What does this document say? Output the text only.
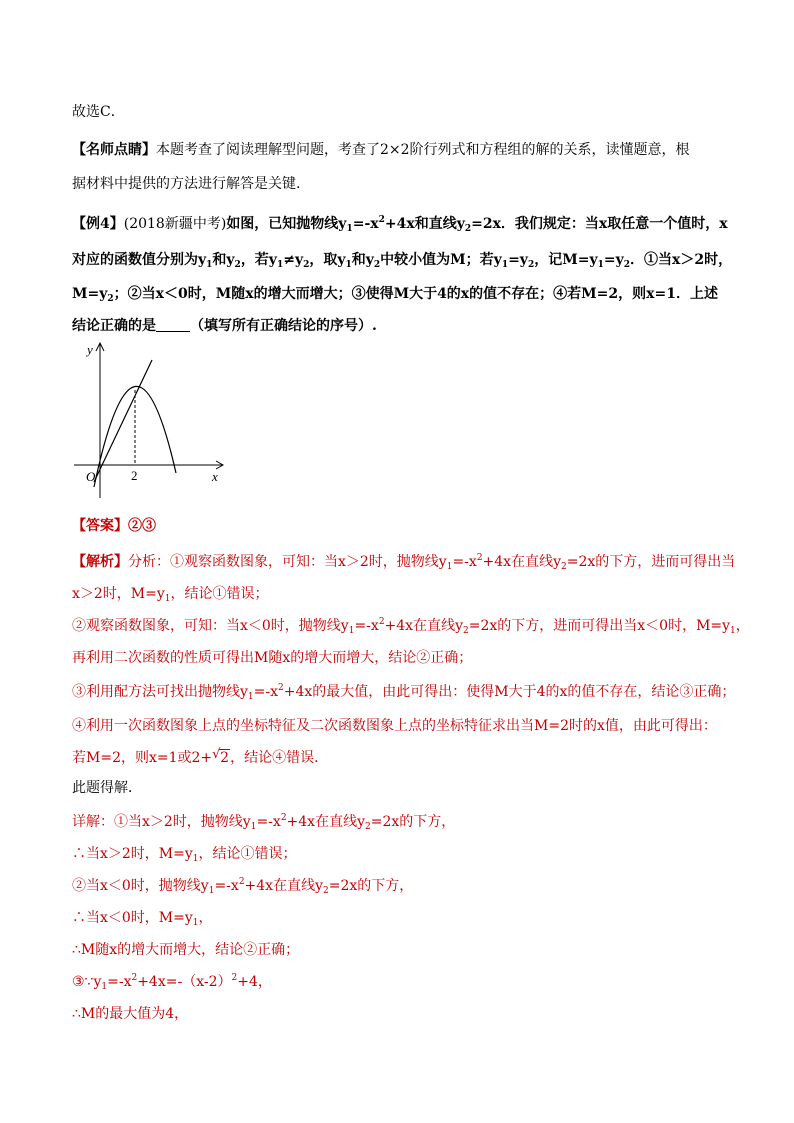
故选C．
【名师点睛】本题考查了阅读理解型问题，考查了2×2阶行列式和方程组的解的关系，读懂题意，根
据材料中提供的方法进行解答是关键.
【例4】(2018新疆中考)如图，已知抛物线$y_1=-x^2+4x$和直线$y_2=2x$．我们规定：当x取任意一个值时，x
对应的函数值分别为$y_1$和$y_2$，若$y_1\ne y_2$，取$y_1$和$y_2$中较小值为M；若$y_1=y_2$，记$M=y_1=y_2$．①当x＞2时，
$M=y_2$；②当x＜0时，M随x的增大而增大；③使得M大于4的x的值不存在；④若M=2，则x=1．上述
结论正确的是 （填写所有正确结论的序号）.
y
x
O	2
【答案】②③
【解析】分析：①观察函数图象，可知：当x＞2时，抛物线$y_1=-x^2+4x$在直线$y_2=2x$的下方，进而可得出当
x＞2时，$M=y_1$，结论①错误；
②观察函数图象，可知：当x＜0时，抛物线$y_1=-x^2+4x$在直线$y_2=2x$的下方，进而可得出当x＜0时，$M=y_1$，
再利用二次函数的性质可得出M随x的增大而增大，结论②正确；
③利用配方法可找出抛物线$y_1=-x^2+4x$的最大值，由此可得出：使得M大于4的x的值不存在，结论③正确；
④利用一次函数图象上点的坐标特征及二次函数图象上点的坐标特征求出当M=2时的x值，由此可得出：
若M=2，则x=1或2+ √ 2，结论④错误．
此题得解．
详解：①当x＞2时，抛物线$y_1=-x^2+4x$在直线$y_2=2x$的下方，
∴当x＞2时，$M=y_1$，结论①错误；
②当x＜0时，抛物线$y_1=-x^2+4x$在直线$y_2=2x$的下方，
∴当x＜0时，$M=y_1$，
∴M随x的增大而增大，结论②正确；
$③\because y_1=-x^2+4x=-(x-2)^2+4$，
∴M的最大值为4，
